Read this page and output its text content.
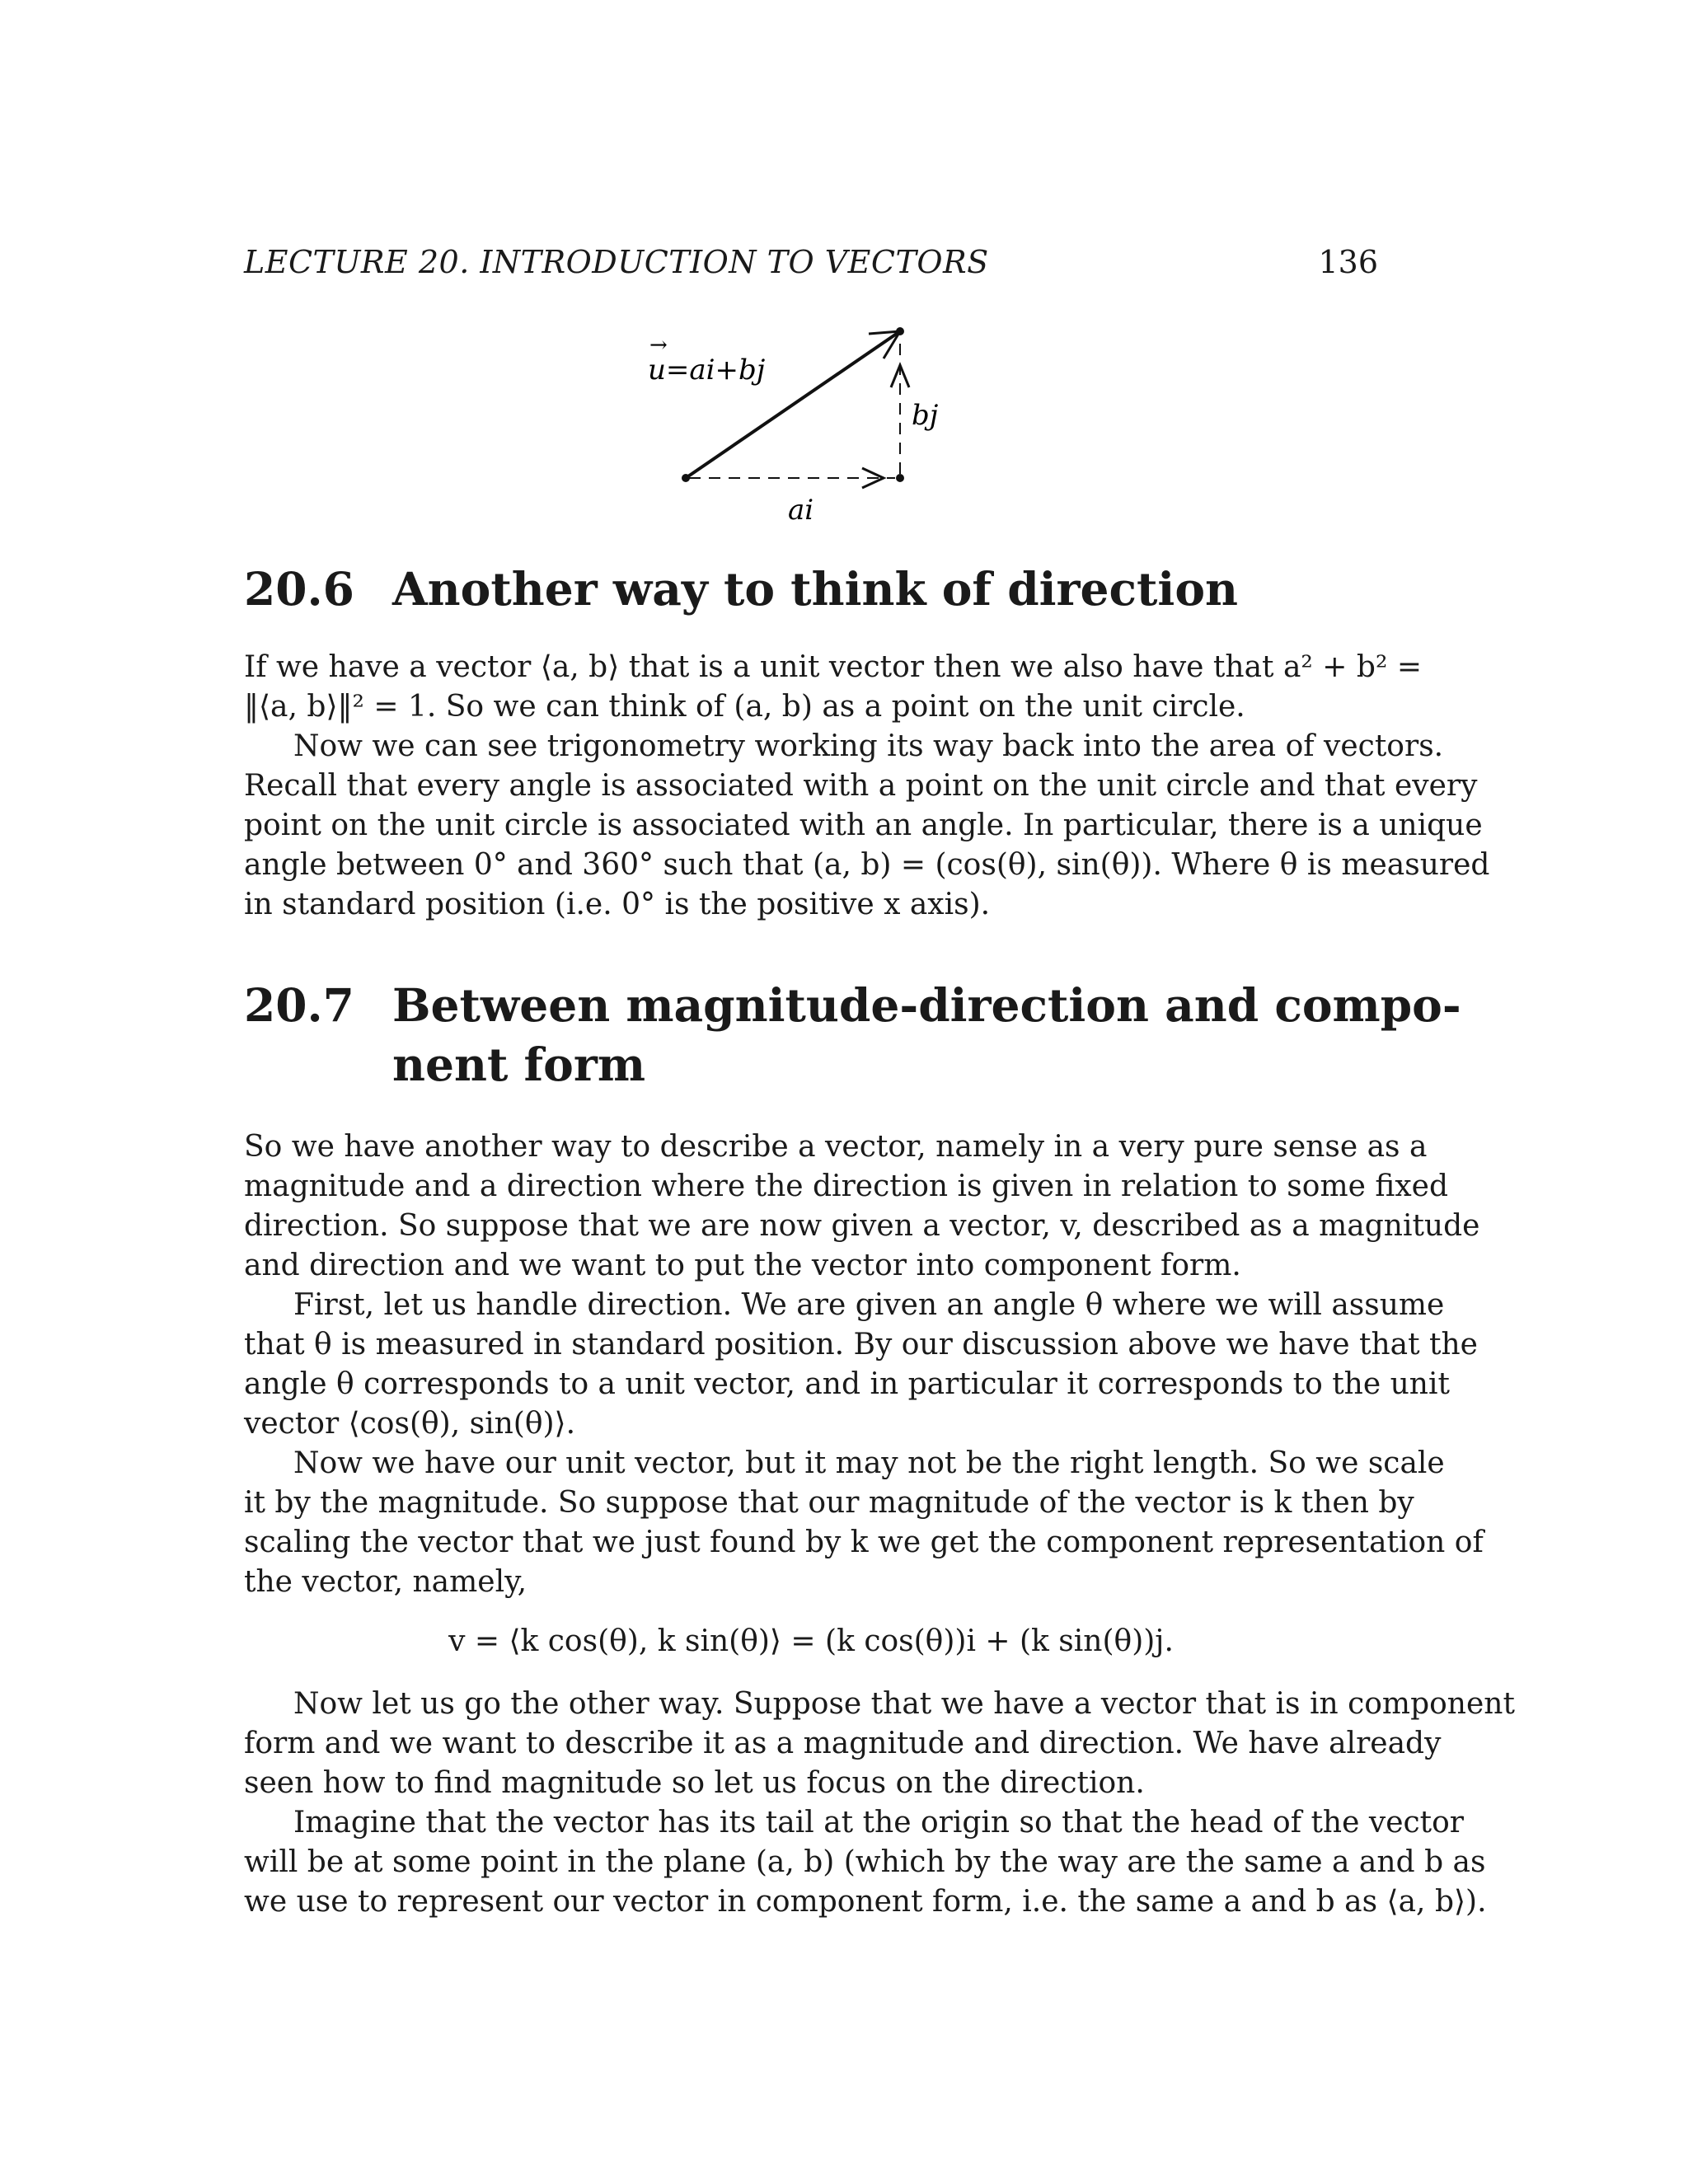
LECTURE 20. INTRODUCTION TO VECTORS	136
u=ai+bj
→
ai
bj
20.6 Another way to think of direction
If we have a vector ⟨a, b⟩ that is a unit vector then we also have that a² + b² =
‖⟨a, b⟩‖² = 1. So we can think of (a, b) as a point on the unit circle.
Now we can see trigonometry working its way back into the area of vectors.
Recall that every angle is associated with a point on the unit circle and that every
point on the unit circle is associated with an angle. In particular, there is a unique
angle between 0° and 360° such that (a, b) = (cos(θ), sin(θ)). Where θ is measured
in standard position (i.e. 0° is the positive x axis).
20.7 Between magnitude-direction and compo-
nent form
So we have another way to describe a vector, namely in a very pure sense as a
magnitude and a direction where the direction is given in relation to some fixed
direction. So suppose that we are now given a vector, v, described as a magnitude
and direction and we want to put the vector into component form.
First, let us handle direction. We are given an angle θ where we will assume
that θ is measured in standard position. By our discussion above we have that the
angle θ corresponds to a unit vector, and in particular it corresponds to the unit
vector ⟨cos(θ), sin(θ)⟩.
Now we have our unit vector, but it may not be the right length. So we scale
it by the magnitude. So suppose that our magnitude of the vector is k then by
scaling the vector that we just found by k we get the component representation of
the vector, namely,
v = ⟨k cos(θ), k sin(θ)⟩ = (k cos(θ))i + (k sin(θ))j.
Now let us go the other way. Suppose that we have a vector that is in component
form and we want to describe it as a magnitude and direction. We have already
seen how to find magnitude so let us focus on the direction.
Imagine that the vector has its tail at the origin so that the head of the vector
will be at some point in the plane (a, b) (which by the way are the same a and b as
we use to represent our vector in component form, i.e. the same a and b as ⟨a, b⟩).
